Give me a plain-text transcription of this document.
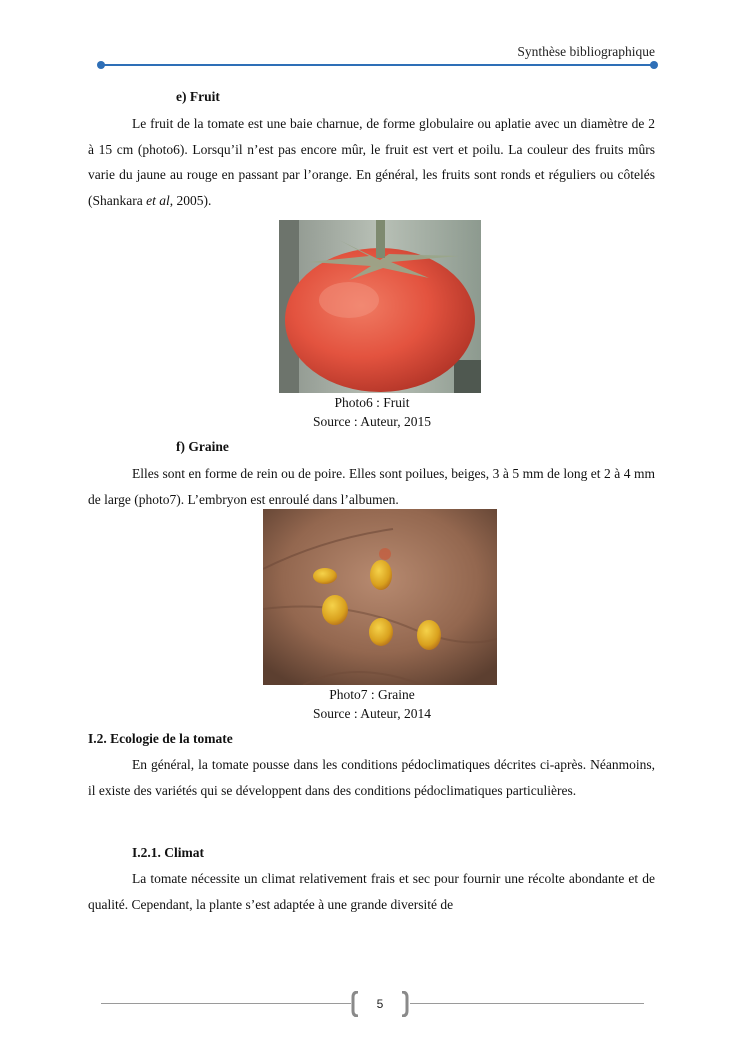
Synthèse bibliographique
e) Fruit

Le fruit de la tomate est une baie charnue, de forme globulaire ou aplatie avec un diamètre de 2 à 15 cm (photo6). Lorsqu’il n’est pas encore mûr, le fruit est vert et poilu. La couleur des fruits mûrs varie du jaune au rouge en passant par l’orange. En général, les fruits sont ronds et réguliers ou côtelés (Shankara et al, 2005).

Photo6 : Fruit
Source : Auteur, 2015
f) Graine

Elles sont en forme de rein ou de poire. Elles sont poilues, beiges, 3 à 5 mm de long et 2 à 4 mm de large (photo7). L’embryon est enroulé dans l’albumen.

Photo7 : Graine
Source : Auteur, 2014
I.2. Ecologie de la tomate

En général, la tomate pousse dans les conditions pédoclimatiques décrites ci-après. Néanmoins, il existe des variétés qui se développent dans des conditions pédoclimatiques particulières.

I.2.1. Climat

La tomate nécessite un climat relativement frais et sec pour fournir une récolte abondante et de qualité. Cependant, la plante s’est adaptée à une grande diversité de

5
